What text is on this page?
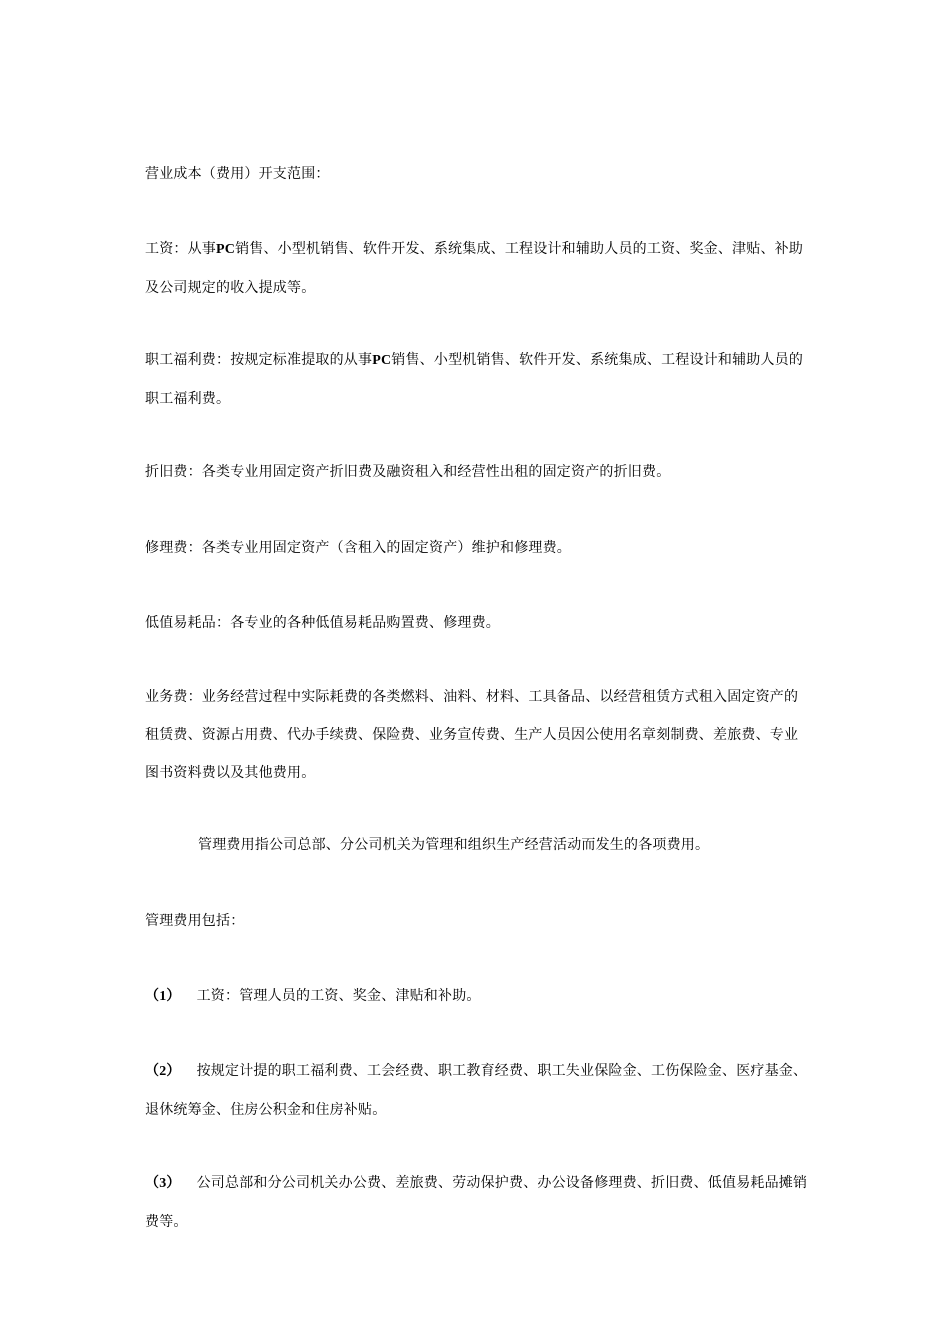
营业成本（费用）开支范围：

工资：从事PC销售、小型机销售、软件开发、系统集成、工程设计和辅助人员的工资、奖金、津贴、补助及公司规定的收入提成等。

职工福利费：按规定标准提取的从事PC销售、小型机销售、软件开发、系统集成、工程设计和辅助人员的职工福利费。

折旧费：各类专业用固定资产折旧费及融资租入和经营性出租的固定资产的折旧费。

修理费：各类专业用固定资产（含租入的固定资产）维护和修理费。

低值易耗品：各专业的各种低值易耗品购置费、修理费。

业务费：业务经营过程中实际耗费的各类燃料、油料、材料、工具备品、以经营租赁方式租入固定资产的租赁费、资源占用费、代办手续费、保险费、业务宣传费、生产人员因公使用名章刻制费、差旅费、专业图书资料费以及其他费用。

管理费用指公司总部、分公司机关为管理和组织生产经营活动而发生的各项费用。

管理费用包括：

（1） 工资：管理人员的工资、奖金、津贴和补助。

（2） 按规定计提的职工福利费、工会经费、职工教育经费、职工失业保险金、工伤保险金、医疗基金、退休统筹金、住房公积金和住房补贴。

（3） 公司总部和分公司机关办公费、差旅费、劳动保护费、办公设备修理费、折旧费、低值易耗品摊销费等。
